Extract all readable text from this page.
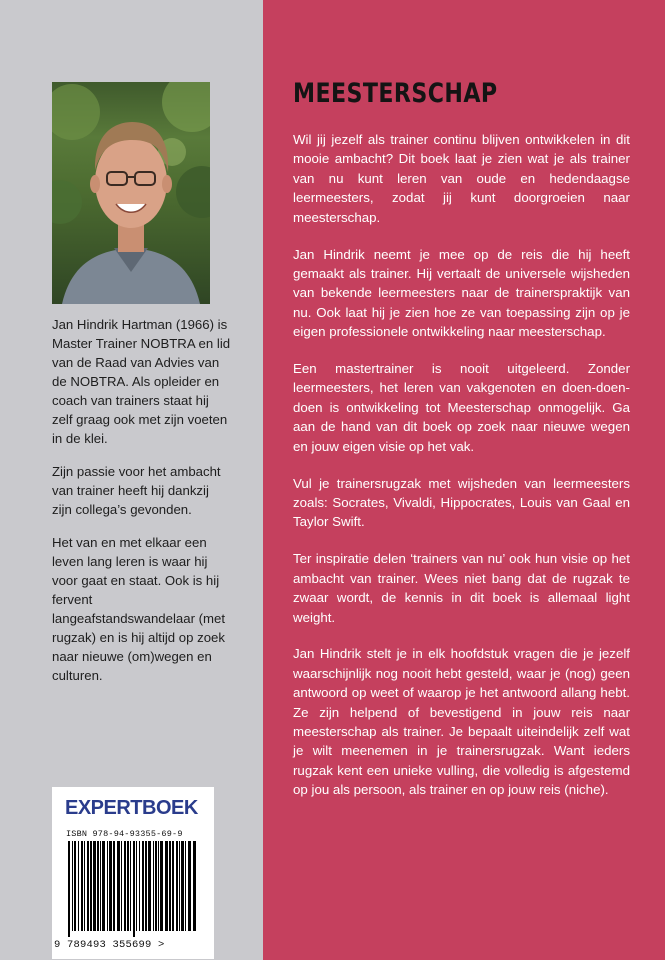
Jan Hindrik Hartman (1966) is Master Trainer NOBTRA en lid van de Raad van Advies van de NOBTRA. Als opleider en coach van trainers staat hij zelf graag ook met zijn voeten in de klei.

Zijn passie voor het ambacht van trainer heeft hij dankzij zijn collega’s gevonden.

Het van en met elkaar een leven lang leren is waar hij voor gaat en staat. Ook is hij fervent langeafstandswandelaar (met rugzak) en is hij altijd op zoek naar nieuwe (om)wegen en culturen.

EXPERTBOEK
ISBN 978-94-93355-69-9
9 789493 355699 >
MEESTERSCHAP

Wil jij jezelf als trainer continu blijven ontwikkelen in dit mooie ambacht? Dit boek laat je zien wat je als trainer van nu kunt leren van oude en hedendaagse leermeesters, zodat jij kunt doorgroeien naar meesterschap.

Jan Hindrik neemt je mee op de reis die hij heeft gemaakt als trainer. Hij vertaalt de universele wijsheden van bekende leermeesters naar de trainerspraktijk van nu. Ook laat hij je zien hoe ze van toepassing zijn op je eigen professionele ontwikkeling naar meesterschap.

Een mastertrainer is nooit uitgeleerd. Zonder leermeesters, het leren van vakgenoten en doen-doen-doen is ontwikkeling tot Meesterschap onmogelijk. Ga aan de hand van dit boek op zoek naar nieuwe wegen en jouw eigen visie op het vak.

Vul je trainersrugzak met wijsheden van leermeesters zoals: Socrates, Vivaldi, Hippocrates, Louis van Gaal en Taylor Swift.

Ter inspiratie delen ‘trainers van nu’ ook hun visie op het ambacht van trainer. Wees niet bang dat de rugzak te zwaar wordt, de kennis in dit boek is allemaal light weight.

Jan Hindrik stelt je in elk hoofdstuk vragen die je jezelf waarschijnlijk nog nooit hebt gesteld, waar je (nog) geen antwoord op weet of waarop je het antwoord allang hebt. Ze zijn helpend of bevestigend in jouw reis naar meesterschap als trainer. Je bepaalt uiteindelijk zelf wat je wilt meenemen in je trainersrugzak. Want ieders rugzak kent een unieke vulling, die volledig is afgestemd op jou als persoon, als trainer en op jouw reis (niche).
